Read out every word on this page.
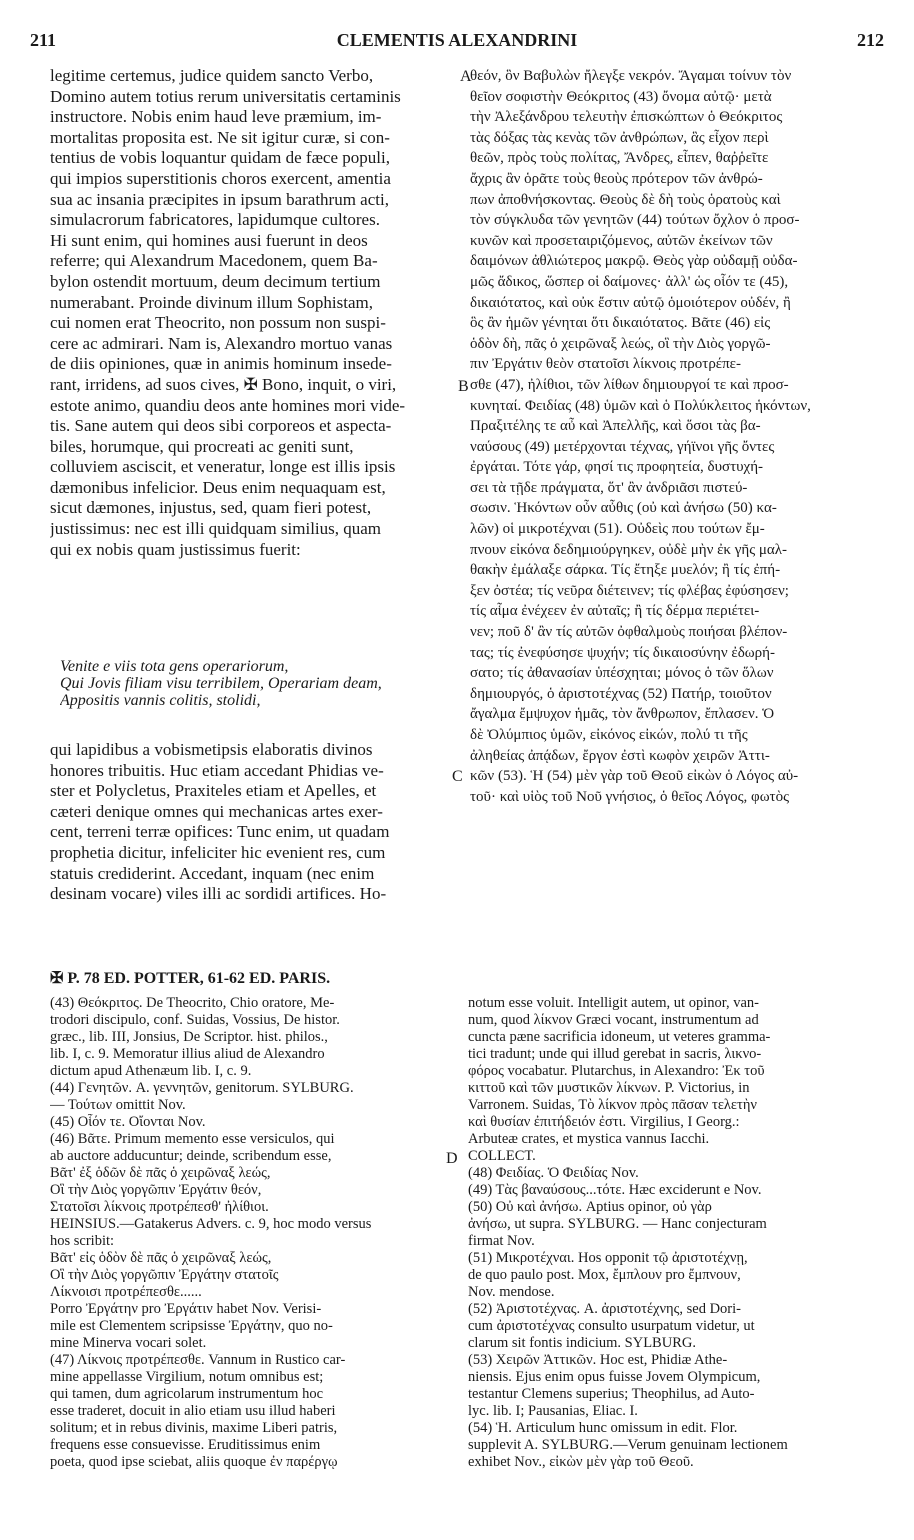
211	CLEMENTIS ALEXANDRINI	212
legitime certemus, judice quidem sancto Verbo,
Domino autem totius rerum universitatis certaminis
instructore. Nobis enim haud leve præmium, im-
mortalitas proposita est. Ne sit igitur curæ, si con-
tentius de vobis loquantur quidam de fæce populi,
qui impios superstitionis choros exercent, amentia
sua ac insania præcipites in ipsum barathrum acti,
simulacrorum fabricatores, lapidumque cultores.
Hi sunt enim, qui homines ausi fuerunt in deos
referre; qui Alexandrum Macedonem, quem Ba-
bylon ostendit mortuum, deum decimum tertium
numerabant. Proinde divinum illum Sophistam,
cui nomen erat Theocrito, non possum non suspi-
cere ac admirari. Nam is, Alexandro mortuo vanas
de diis opiniones, quæ in animis hominum insede-
rant, irridens, ad suos cives, ✠ Bono, inquit, o viri,
estote animo, quandiu deos ante homines mori vide-
tis. Sane autem qui deos sibi corporeos et aspecta-
biles, horumque, qui procreati ac geniti sunt,
colluviem asciscit, et veneratur, longe est illis ipsis
dæmonibus infelicior. Deus enim nequaquam est,
sicut dæmones, injustus, sed, quam fieri potest,
justissimus: nec est illi quidquam similius, quam
qui ex nobis quam justissimus fuerit:
Venite e viis tota gens operariorum,
Qui Jovis filiam visu terribilem, Operariam deam,
Appositis vannis colitis, stolidi,
qui lapidibus a vobismetipsis elaboratis divinos
honores tribuitis. Huc etiam accedant Phidias ve-
ster et Polycletus, Praxiteles etiam et Apelles, et
cæteri denique omnes qui mechanicas artes exer-
cent, terreni terræ opifices: Tunc enim, ut quadam
prophetia dicitur, infeliciter hic evenient res, cum
statuis crediderint. Accedant, inquam (nec enim
desinam vocare) viles illi ac sordidi artifices. Ho-
θεόν, ὃν Βαβυλὼν ἤλεγξε νεκρόν. Ἄγαμαι τοίνυν τὸν
θεῖον σοφιστὴν Θεόκριτος (43) ὄνομα αὐτῷ· μετὰ
τὴν Ἀλεξάνδρου τελευτὴν ἐπισκώπτων ὁ Θεόκριτος
τὰς δόξας τὰς κενὰς τῶν ἀνθρώπων, ἃς εἶχον περὶ
θεῶν, πρὸς τοὺς πολίτας, Ἄνδρες, εἶπεν, θαῤῥεῖτε
ἄχρις ἂν ὁρᾶτε τοὺς θεοὺς πρότερον τῶν ἀνθρώ-
πων ἀποθνήσκοντας. Θεοὺς δὲ δὴ τοὺς ὁρατοὺς καὶ
τὸν σύγκλυδα τῶν γενητῶν (44) τούτων ὄχλον ὁ προσ-
κυνῶν καὶ προσεταιριζόμενος, αὐτῶν ἐκείνων τῶν
δαιμόνων ἀθλιώτερος μακρῷ. Θεὸς γὰρ οὐδαμῇ οὐδα-
μῶς ἄδικος, ὥσπερ οἱ δαίμονες· ἀλλ' ὡς οἷόν τε (45),
δικαιότατος, καὶ οὐκ ἔστιν αὐτῷ ὁμοιότερον οὐδέν, ἢ
ὃς ἂν ἡμῶν γένηται ὅτι δικαιότατος. Βᾶτε (46) εἰς
ὁδὸν δὴ, πᾶς ὁ χειρῶναξ λεώς, οἳ τὴν Διὸς γοργῶ-
πιν Ἐργάτιν θεὸν στατοῖσι λίκνοις προτρέπε-
σθε (47), ἠλίθιοι, τῶν λίθων δημιουργοί τε καὶ προσ-
κυνηταί. Φειδίας (48) ὑμῶν καὶ ὁ Πολύκλειτος ἡκόντων,
Πραξιτέλης τε αὖ καὶ Ἀπελλῆς, καὶ ὅσοι τὰς βα-
ναύσους (49) μετέρχονται τέχνας, γήϊνοι γῆς ὄντες
ἐργάται. Τότε γάρ, φησί τις προφητεία, δυστυχή-
σει τὰ τῇδε πράγματα, ὅτ' ἂν ἀνδριᾶσι πιστεύ-
σωσιν. Ἡκόντων οὖν αὖθις (οὐ καὶ ἀνήσω (50) κα-
λῶν) οἱ μικροτέχναι (51). Οὐδεὶς που τούτων ἔμ-
πνουν εἰκόνα δεδημιούργηκεν, οὐδὲ μὴν ἐκ γῆς μαλ-
θακὴν ἐμάλαξε σάρκα. Τίς ἔτηξε μυελόν; ἢ τίς ἐπή-
ξεν ὀστέα; τίς νεῦρα διέτεινεν; τίς φλέβας ἐφύσησεν;
τίς αἷμα ἐνέχεεν ἐν αὐταῖς; ἢ τίς δέρμα περιέτει-
νεν; ποῦ δ' ἂν τίς αὐτῶν ὀφθαλμοὺς ποιήσαι βλέπον-
τας; τίς ἐνεφύσησε ψυχήν; τίς δικαιοσύνην ἐδωρή-
σατο; τίς ἀθανασίαν ὑπέσχηται; μόνος ὁ τῶν ὅλων
δημιουργός, ὁ ἀριστοτέχνας (52) Πατήρ, τοιοῦτον
ἄγαλμα ἔμψυχον ἡμᾶς, τὸν ἄνθρωπον, ἔπλασεν. Ὁ
δὲ Ὀλύμπιος ὑμῶν, εἰκόνος εἰκών, πολύ τι τῆς
ἀληθείας ἀπᾴδων, ἔργον ἐστὶ κωφὸν χειρῶν Ἀττι-
κῶν (53). Ἡ (54) μὲν γὰρ τοῦ Θεοῦ εἰκὼν ὁ Λόγος αὐ-
τοῦ· καὶ υἱὸς τοῦ Νοῦ γνήσιος, ὁ θεῖος Λόγος, φωτὸς
A
B
C
D
✠ P. 78 ED. POTTER, 61-62 ED. PARIS.
(43) Θεόκριτος. De Theocrito, Chio oratore, Me-
trodori discipulo, conf. Suidas, Vossius, De histor.
græc., lib. III, Jonsius, De Scriptor. hist. philos.,
lib. I, c. 9. Memoratur illius aliud de Alexandro
dictum apud Athenæum lib. I, c. 9.
(44) Γενητῶν. A. γεννητῶν, genitorum. SYLBURG.
— Τούτων omittit Nov.
(45) Οἷόν τε. Οἴονται Nov.
(46) Βᾶτε. Primum memento esse versiculos, qui
ab auctore adducuntur; deinde, scribendum esse,
Βᾶτ' ἐξ ὁδῶν δὲ πᾶς ὁ χειρῶναξ λεώς,
Οἳ τὴν Διὸς γοργῶπιν Ἐργάτιν θεόν,
Στατοῖσι λίκνοις προτρέπεσθ' ἠλίθιοι.
HEINSIUS.—Gatakerus Advers. c. 9, hoc modo versus
hos scribit:
Βᾶτ' εἰς ὁδὸν δὲ πᾶς ὁ χειρῶναξ λεώς,
Οἳ τὴν Διὸς γοργῶπιν Ἐργάτην στατοῖς
Λίκνοισι προτρέπεσθε......
Porro Ἐργάτην pro Ἐργάτιν habet Nov. Verisi-
mile est Clementem scripsisse Ἐργάτην, quo no-
mine Minerva vocari solet.
(47) Λίκνοις προτρέπεσθε. Vannum in Rustico car-
mine appellasse Virgilium, notum omnibus est;
qui tamen, dum agricolarum instrumentum hoc
esse traderet, docuit in alio etiam usu illud haberi
solitum; et in rebus divinis, maxime Liberi patris,
frequens esse consuevisse. Eruditissimus enim
poeta, quod ipse sciebat, aliis quoque ἐν παρέργῳ
notum esse voluit. Intelligit autem, ut opinor, van-
num, quod λίκνον Græci vocant, instrumentum ad
cuncta pæne sacrificia idoneum, ut veteres gramma-
tici tradunt; unde qui illud gerebat in sacris, λικνο-
φόρος vocabatur. Plutarchus, in Alexandro: Ἐκ τοῦ
κιττοῦ καὶ τῶν μυστικῶν λίκνων. P. Victorius, in
Varronem. Suidas, Τὸ λίκνον πρὸς πᾶσαν τελετὴν
καὶ θυσίαν ἐπιτήδειόν ἐστι. Virgilius, I Georg.:
Arbuteæ crates, et mystica vannus Iacchi.
COLLECT.
(48) Φειδίας. Ὁ Φειδίας Nov.
(49) Τὰς βαναύσους...τότε. Hæc exciderunt e Nov.
(50) Οὐ καὶ ἀνήσω. Aptius opinor, οὐ γὰρ
ἀνήσω, ut supra. SYLBURG. — Hanc conjecturam
firmat Nov.
(51) Μικροτέχναι. Hos opponit τῷ ἀριστοτέχνῃ,
de quo paulo post. Mox, ἔμπλουν pro ἔμπνουν,
Nov. mendose.
(52) Ἀριστοτέχνας. A. ἀριστοτέχνης, sed Dori-
cum ἀριστοτέχνας consulto usurpatum videtur, ut
clarum sit fontis indicium. SYLBURG.
(53) Χειρῶν Ἀττικῶν. Hoc est, Phidiæ Athe-
niensis. Ejus enim opus fuisse Jovem Olympicum,
testantur Clemens superius; Theophilus, ad Auto-
lyc. lib. I; Pausanias, Eliac. I.
(54) Ἡ. Articulum hunc omissum in edit. Flor.
supplevit A. SYLBURG.—Verum genuinam lectionem
exhibet Nov., εἰκὼν μὲν γὰρ τοῦ Θεοῦ.
